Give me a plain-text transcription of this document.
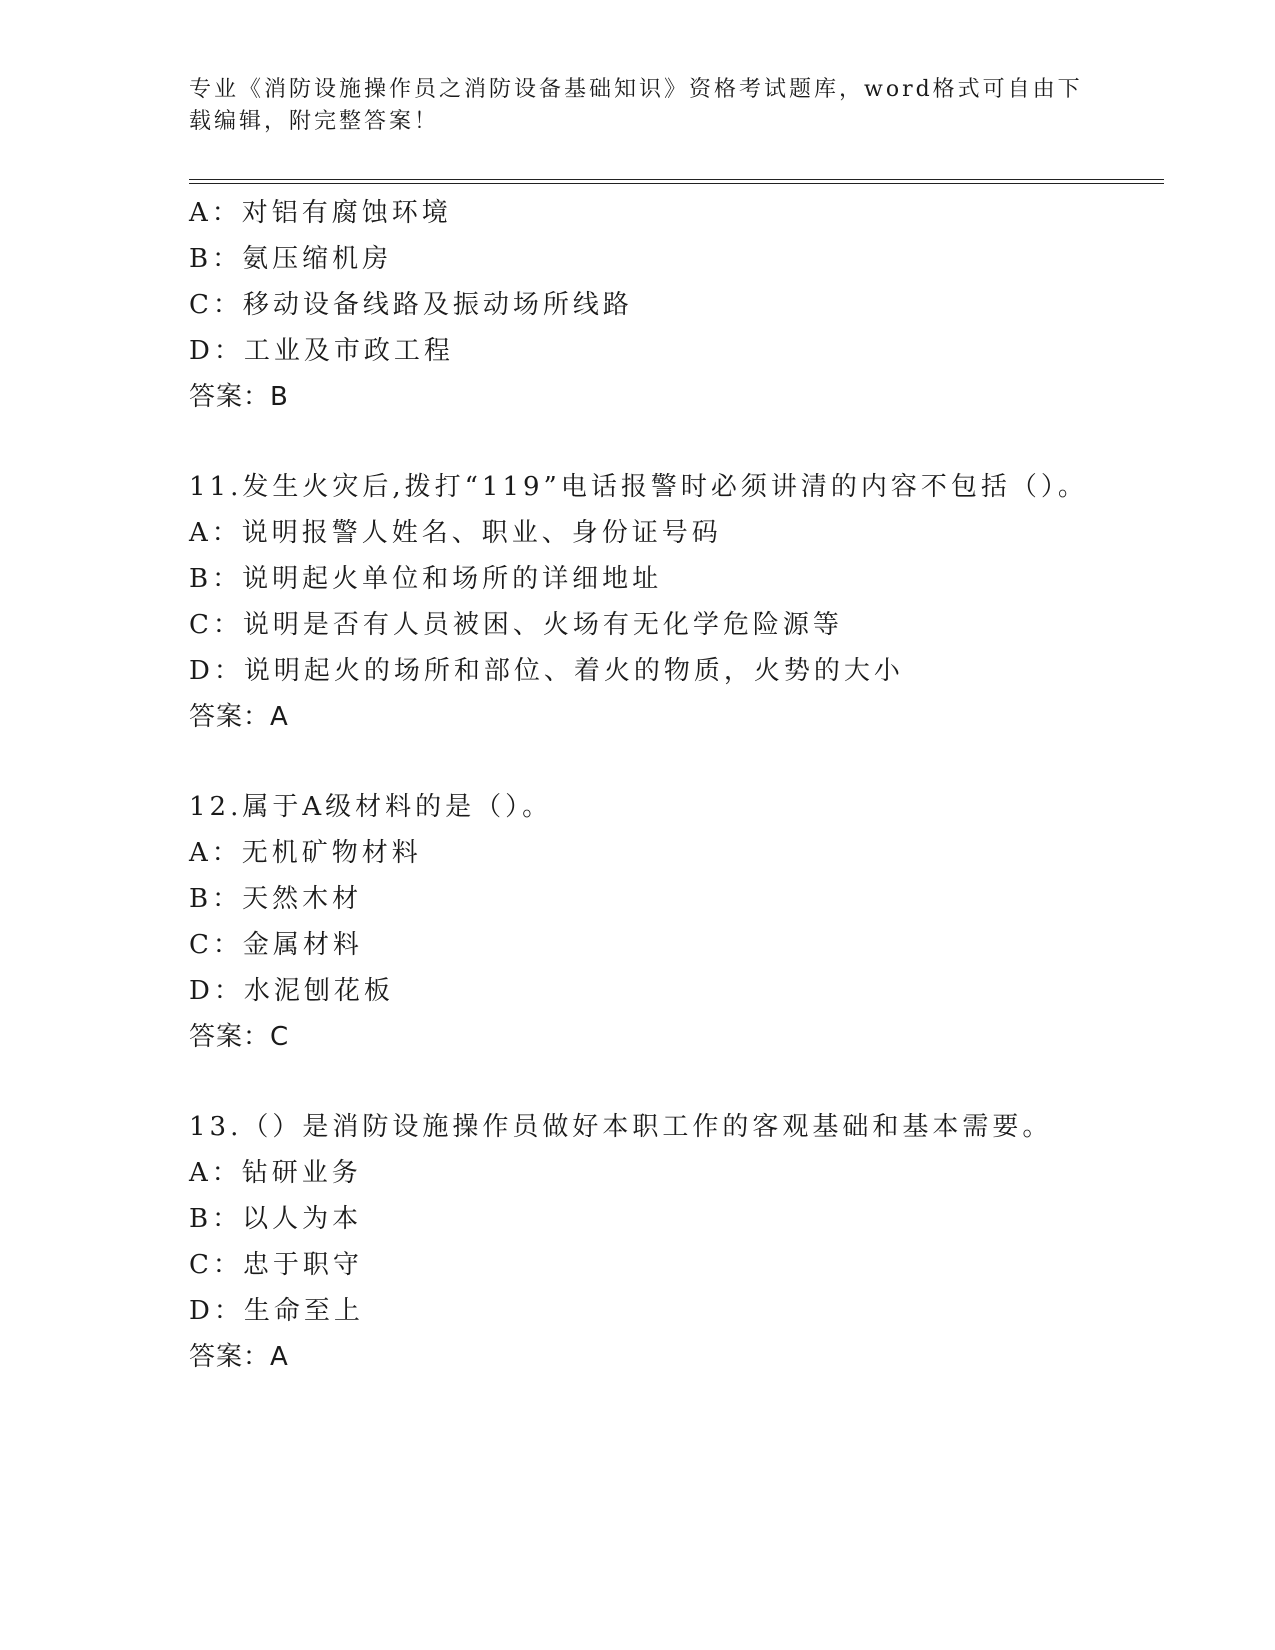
专业《消防设施操作员之消防设备基础知识》资格考试题库，word格式可自由下
载编辑，附完整答案！
A：对铝有腐蚀环境
B：氨压缩机房
C：移动设备线路及振动场所线路
D：工业及市政工程
答案：B
11.发生火灾后,拨打“119”电话报警时必须讲清的内容不包括（）。
A：说明报警人姓名、职业、身份证号码
B：说明起火单位和场所的详细地址
C：说明是否有人员被困、火场有无化学危险源等
D：说明起火的场所和部位、着火的物质，火势的大小
答案：A
12.属于A级材料的是（）。
A：无机矿物材料
B：天然木材
C：金属材料
D：水泥刨花板
答案：C
13.（）是消防设施操作员做好本职工作的客观基础和基本需要。
A：钻研业务
B：以人为本
C：忠于职守
D：生命至上
答案：A
